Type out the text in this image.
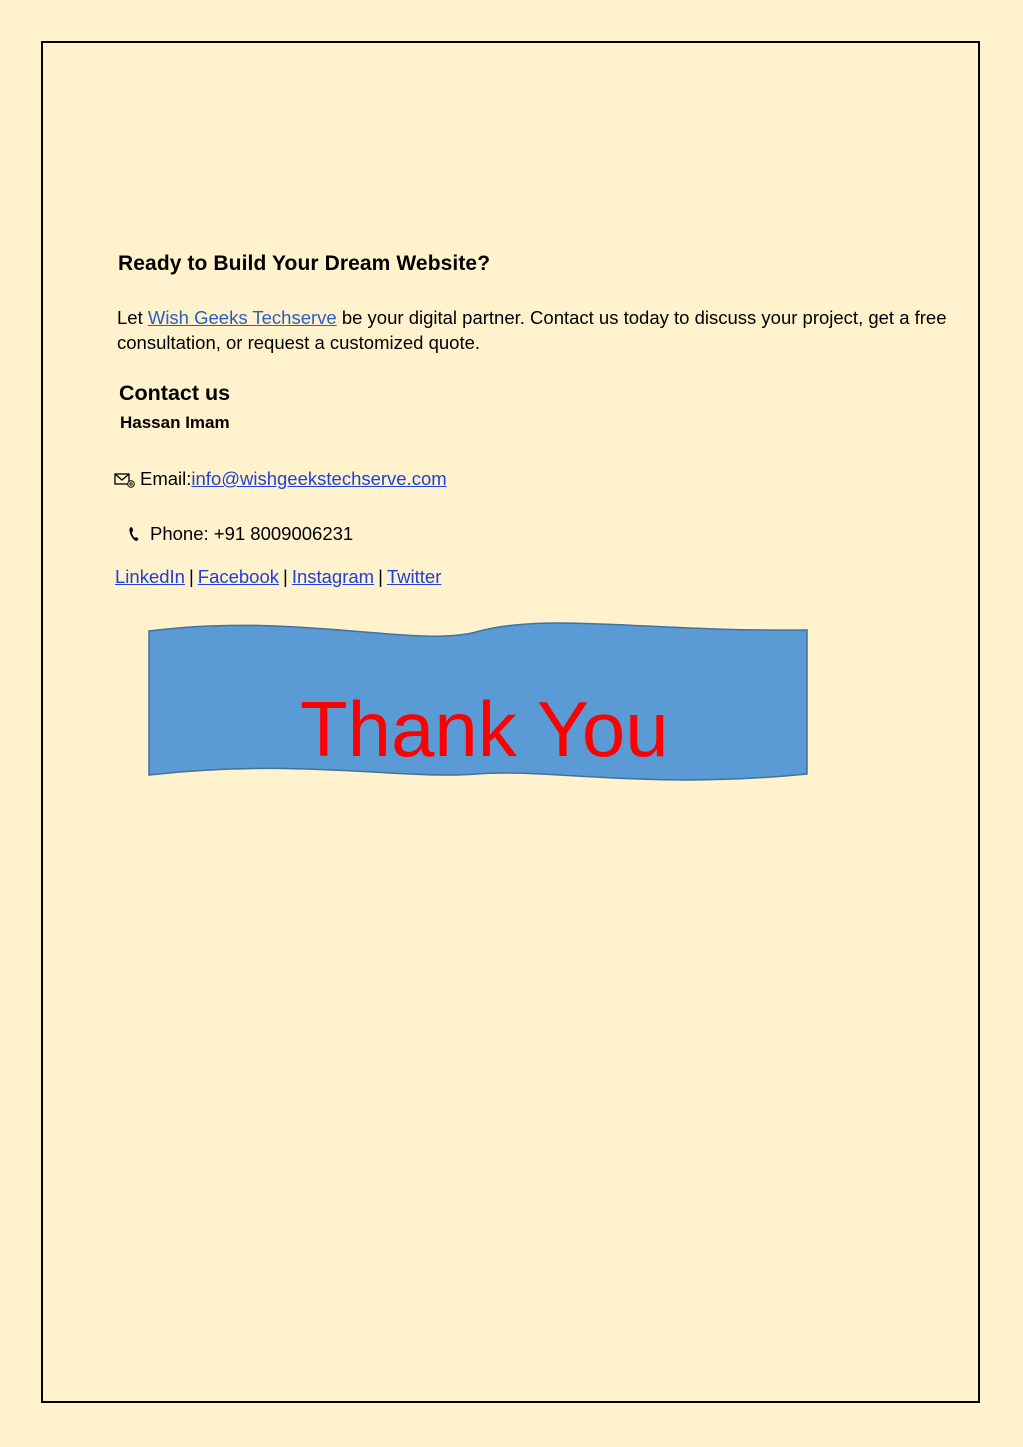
Ready to Build Your Dream Website?
Let Wish Geeks Techserve be your digital partner. Contact us today to discuss your project, get a free consultation, or request a customized quote.
Contact us
Hassan Imam
Email: info@wishgeekstechserve.com
Phone: +91 8009006231
LinkedIn | Facebook | Instagram | Twitter
Thank You
